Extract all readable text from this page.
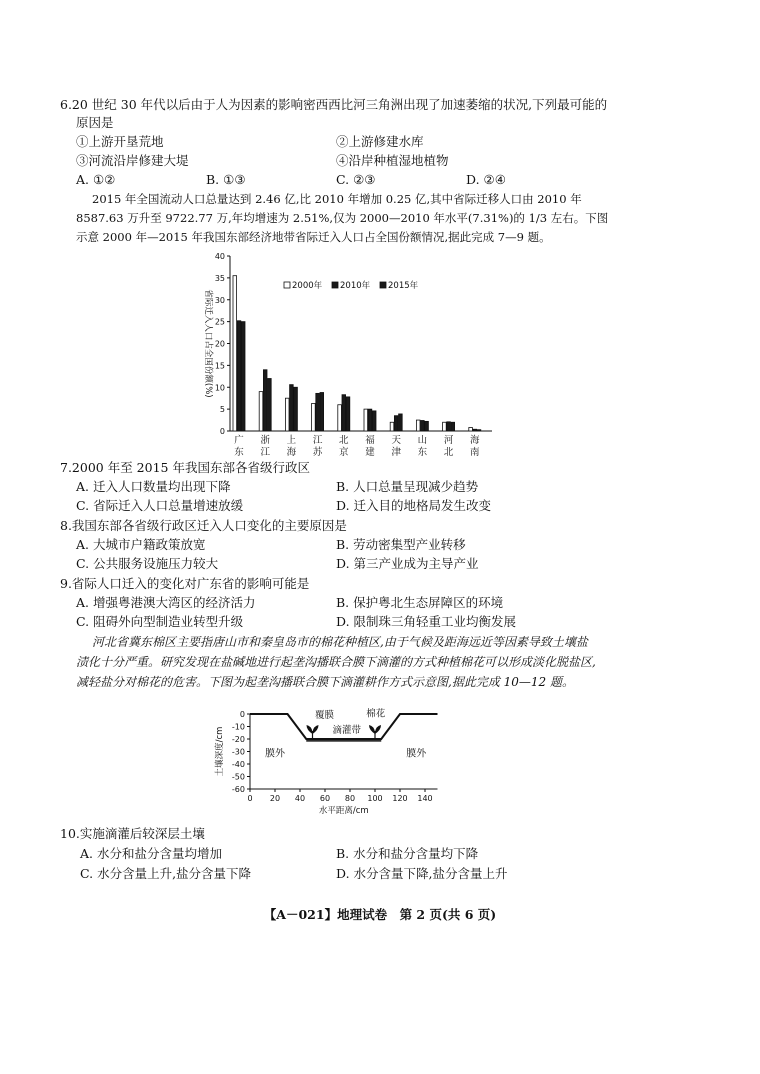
6.20 世纪 30 年代以后由于人为因素的影响密西西比河三角洲出现了加速萎缩的状况,下列最可能的
原因是
①上游开垦荒地	②上游修建水库
③河流沿岸修建大堤	④沿岸种植湿地植物
A. ①②	B. ①③	C. ②③	D. ②④
2015 年全国流动人口总量达到 2.46 亿,比 2010 年增加 0.25 亿,其中省际迁移人口由 2010 年
8587.63 万升至 9722.77 万,年均增速为 2.51%,仅为 2000—2010 年水平(7.31%)的 1/3 左右。下图
示意 2000 年—2015 年我国东部经济地带省际迁入人口占全国份额情况,据此完成 7—9 题。
0
5
10
15
20
25
30
35
40
省际迁入人口占全国份额(%)
广
东
浙
江
上
海
江
苏
北
京
福
建
天
津
山
东
河
北
海
南
2000年 2010年 2015年
7.2000 年至 2015 年我国东部各省级行政区
A. 迁入人口数量均出现下降	B. 人口总量呈现减少趋势
C. 省际迁入人口总量增速放缓	D. 迁入目的地格局发生改变
8.我国东部各省级行政区迁入人口变化的主要原因是
A. 大城市户籍政策放宽	B. 劳动密集型产业转移
C. 公共服务设施压力较大	D. 第三产业成为主导产业
9.省际人口迁入的变化对广东省的影响可能是
A. 增强粤港澳大湾区的经济活力	B. 保护粤北生态屏障区的环境
C. 阻碍外向型制造业转型升级	D. 限制珠三角轻重工业均衡发展
河北省冀东棉区主要指唐山市和秦皇岛市的棉花种植区,由于气候及距海远近等因素导致土壤盐
渍化十分严重。研究发现在盐碱地进行起垄沟播联合膜下滴灌的方式种植棉花可以形成淡化脱盐区,
减轻盐分对棉花的危害。下图为起垄沟播联合膜下滴灌耕作方式示意图,据此完成 10—12 题。
0
-10
-20
-30
-40
-50
-60
0 20 40 60 80 100 120 140
水平距离/cm
土壤深度/cm
覆膜	棉花
滴灌带
膜外	膜外
10.实施滴灌后较深层土壤
A. 水分和盐分含量均增加	B. 水分和盐分含量均下降
C. 水分含量上升,盐分含量下降	D. 水分含量下降,盐分含量上升
【A－021】地理试卷　第 2 页(共 6 页)
